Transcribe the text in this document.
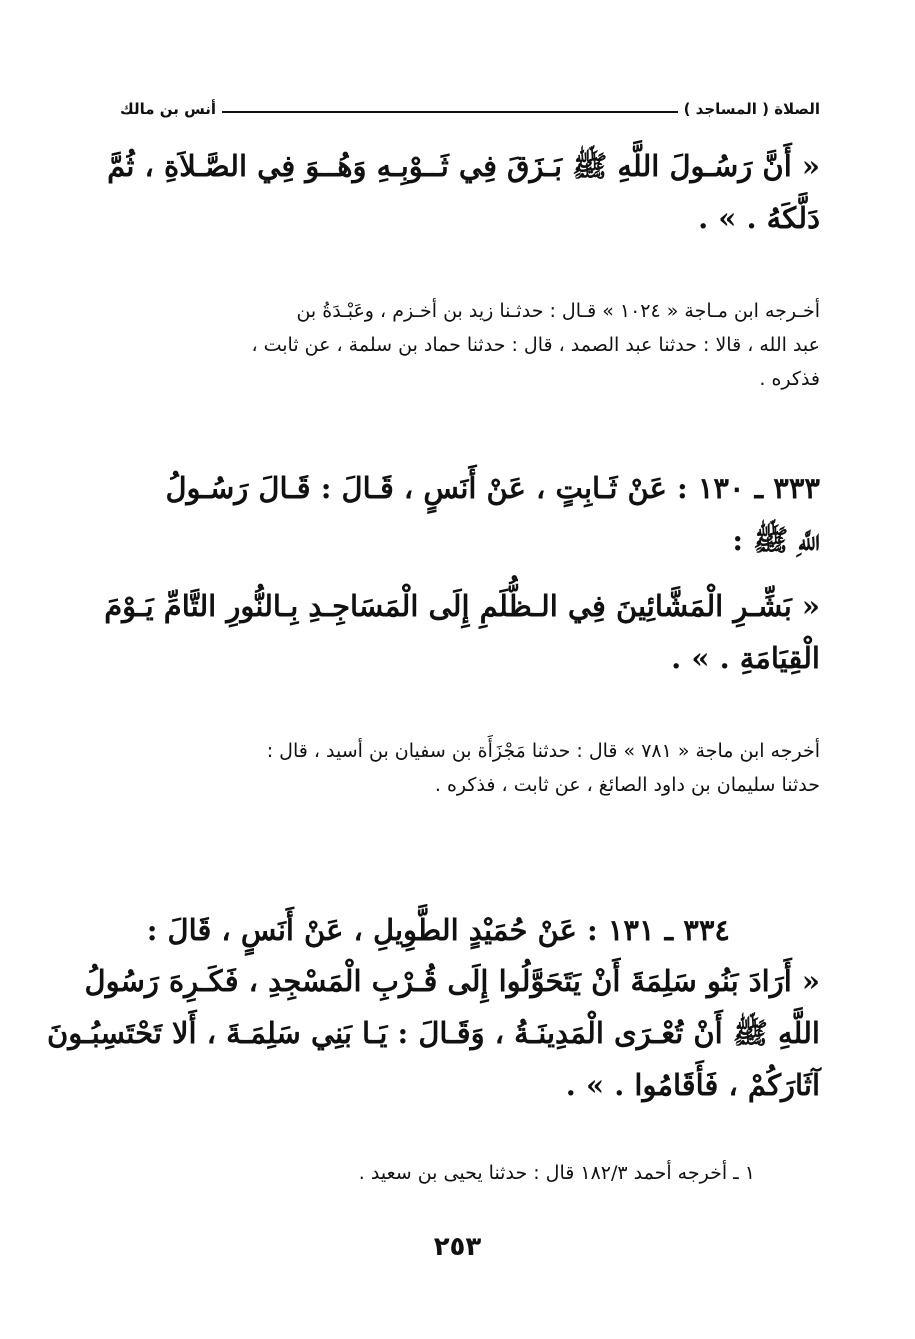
الصلاة ( المساجد )
أنس بن مالك
« أَنَّ رَسُـولَ اللَّهِ ﷺ بَـزَقَ فِي ثَــوْبِـهِ وَهُــوَ فِي الصَّـلاَةِ ، ثُمَّ
دَلَّكَهُ . » .
أخـرجه ابن مـاجة « ١٠٢٤ » قـال : حدثـنا زيد بن أخـزم ، وعَبْـدَةُ بن
عبد الله ، قالا : حدثنا عبد الصمد ، قال : حدثنا حماد بن سلمة ، عن ثابت ،
فذكره .
٣٣٣ ـ ١٣٠ : عَنْ ثَـابِتٍ ، عَنْ أَنَسٍ ، قَـالَ : قَـالَ رَسُـولُ
اللَّهِ ﷺ :
« بَشِّـرِ الْمَشَّائِينَ فِي الـظُّلَمِ إِلَى الْمَسَاجِـدِ بِـالنُّورِ التَّامِّ يَـوْمَ
الْقِيَامَةِ . » .
أخرجه ابن ماجة « ٧٨١ » قال : حدثنا مَجْزَأَة بن سفيان بن أسيد ، قال :
حدثنا سليمان بن داود الصائغ ، عن ثابت ، فذكره .
٣٣٤ ـ ١٣١ : عَنْ حُمَيْدٍ الطَّوِيلِ ، عَنْ أَنَسٍ ، قَالَ :
« أَرَادَ بَنُو سَلِمَةَ أَنْ يَتَحَوَّلُوا إِلَى قُـرْبِ الْمَسْجِدِ ، فَكَـرِهَ رَسُولُ
اللَّهِ ﷺ أَنْ تُعْـرَى الْمَدِينَـةُ ، وَقَـالَ : يَـا بَنِي سَلِمَـةَ ، أَلا تَحْتَسِبُـونَ
آثَارَكُمْ ، فَأَقَامُوا . » .
١ ـ أخرجه أحمد ١٨٢/٣ قال : حدثنا يحيى بن سعيد .
٢٥٣
